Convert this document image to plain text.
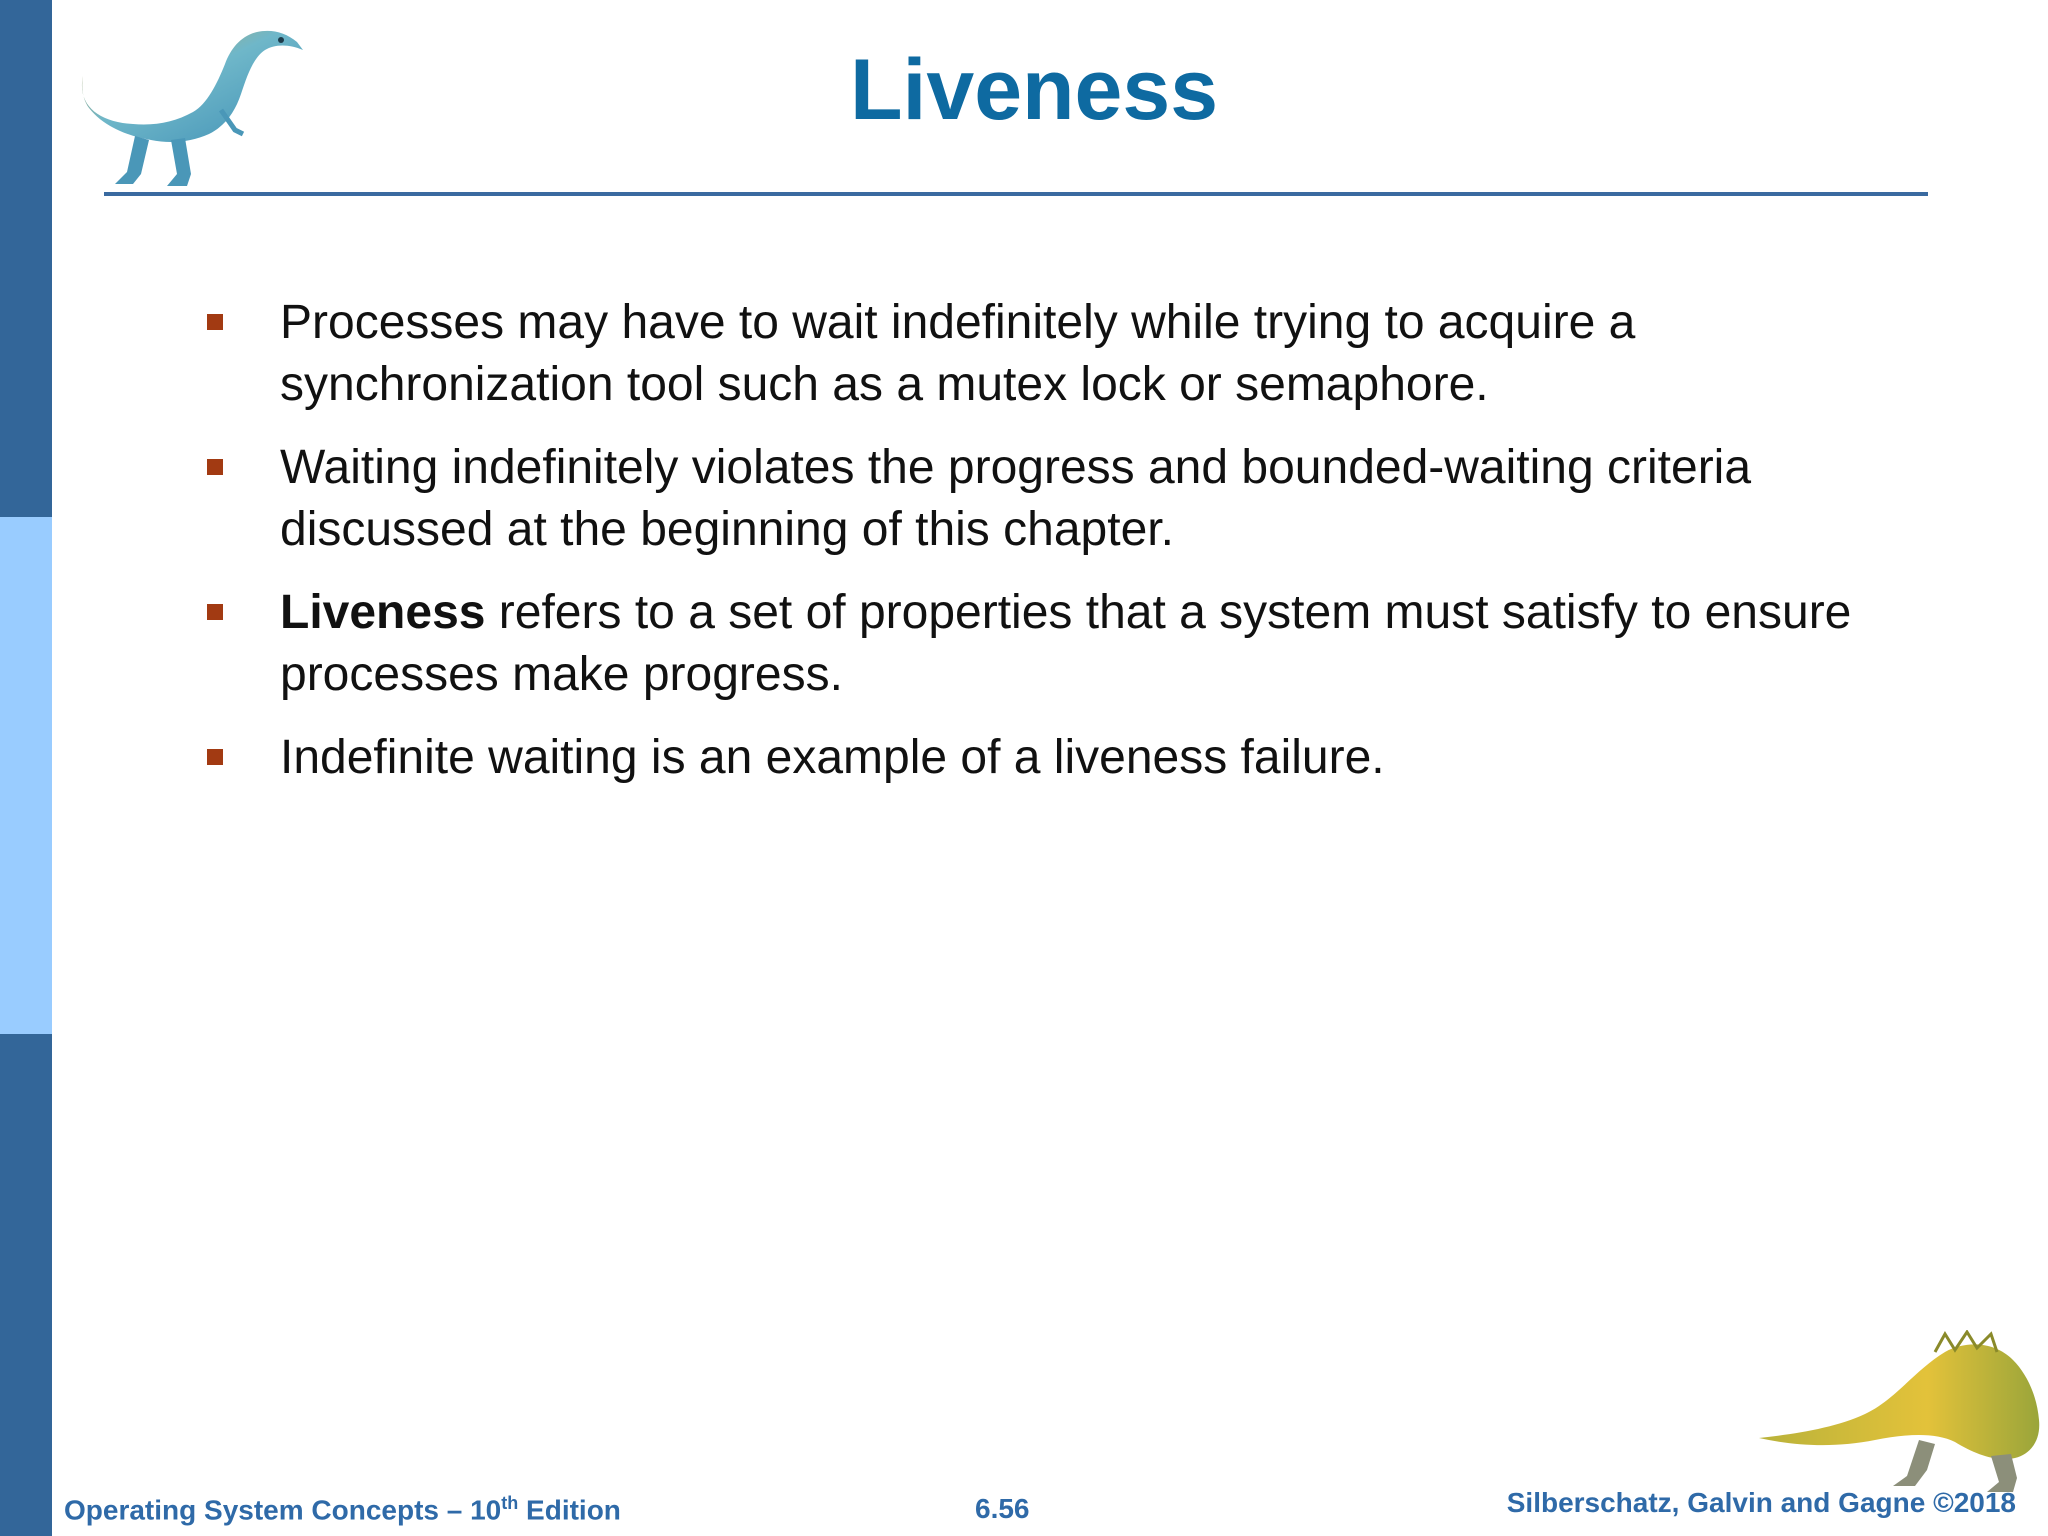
Liveness
Processes may have to wait indefinitely while trying to acquire a synchronization tool such as a mutex lock or semaphore.
Waiting indefinitely violates the progress and bounded-waiting criteria discussed at the beginning of this chapter.
Liveness refers to a set of properties that a system must satisfy to ensure processes make progress.
Indefinite waiting is an example of a liveness failure.
Operating System Concepts – 10th Edition	6.56	Silberschatz, Galvin and Gagne ©2018
